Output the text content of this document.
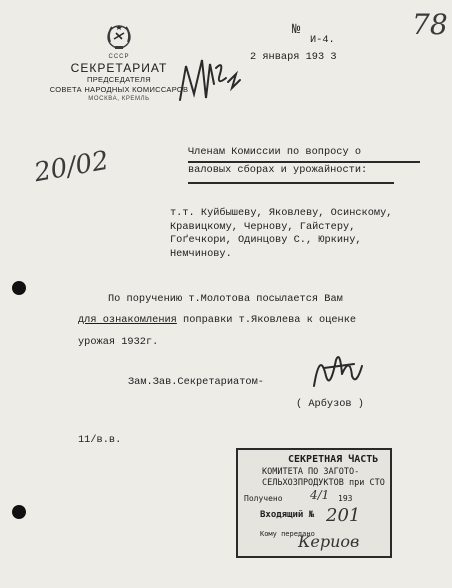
78
СССР
СЕКРЕТАРИАТ
ПРЕДСЕДАТЕЛЯ
СОВЕТА НАРОДНЫХ КОМИССАРОВ
МОСКВА, КРЕМЛЬ
№
И-4.
2 января 193 3
20/02	Членам Комиссии по вопросу о
валовых сборах и урожайности:
т.т. Куйбышеву, Яковлеву, Осинскому,
Кравицкому, Чернову, Гайстеру,
Гоґечкори, Одинцову С., Юркину,
Немчинову.
По поручению т.Молотова посылается Вам
для ознакомления поправки т.Яковлева к оценке
урожая 1932г.
Зам.Зав.Секретариатом-
( Арбузов )
11/в.в.
СЕКРЕТНАЯ ЧАСТЬ
КОМИТЕТА ПО ЗАГОТО-
СЕЛЬХОЗПРОДУКТОВ при СТО
Получено 4/1 193
Входящий № 201
Кому передано
Кериов
